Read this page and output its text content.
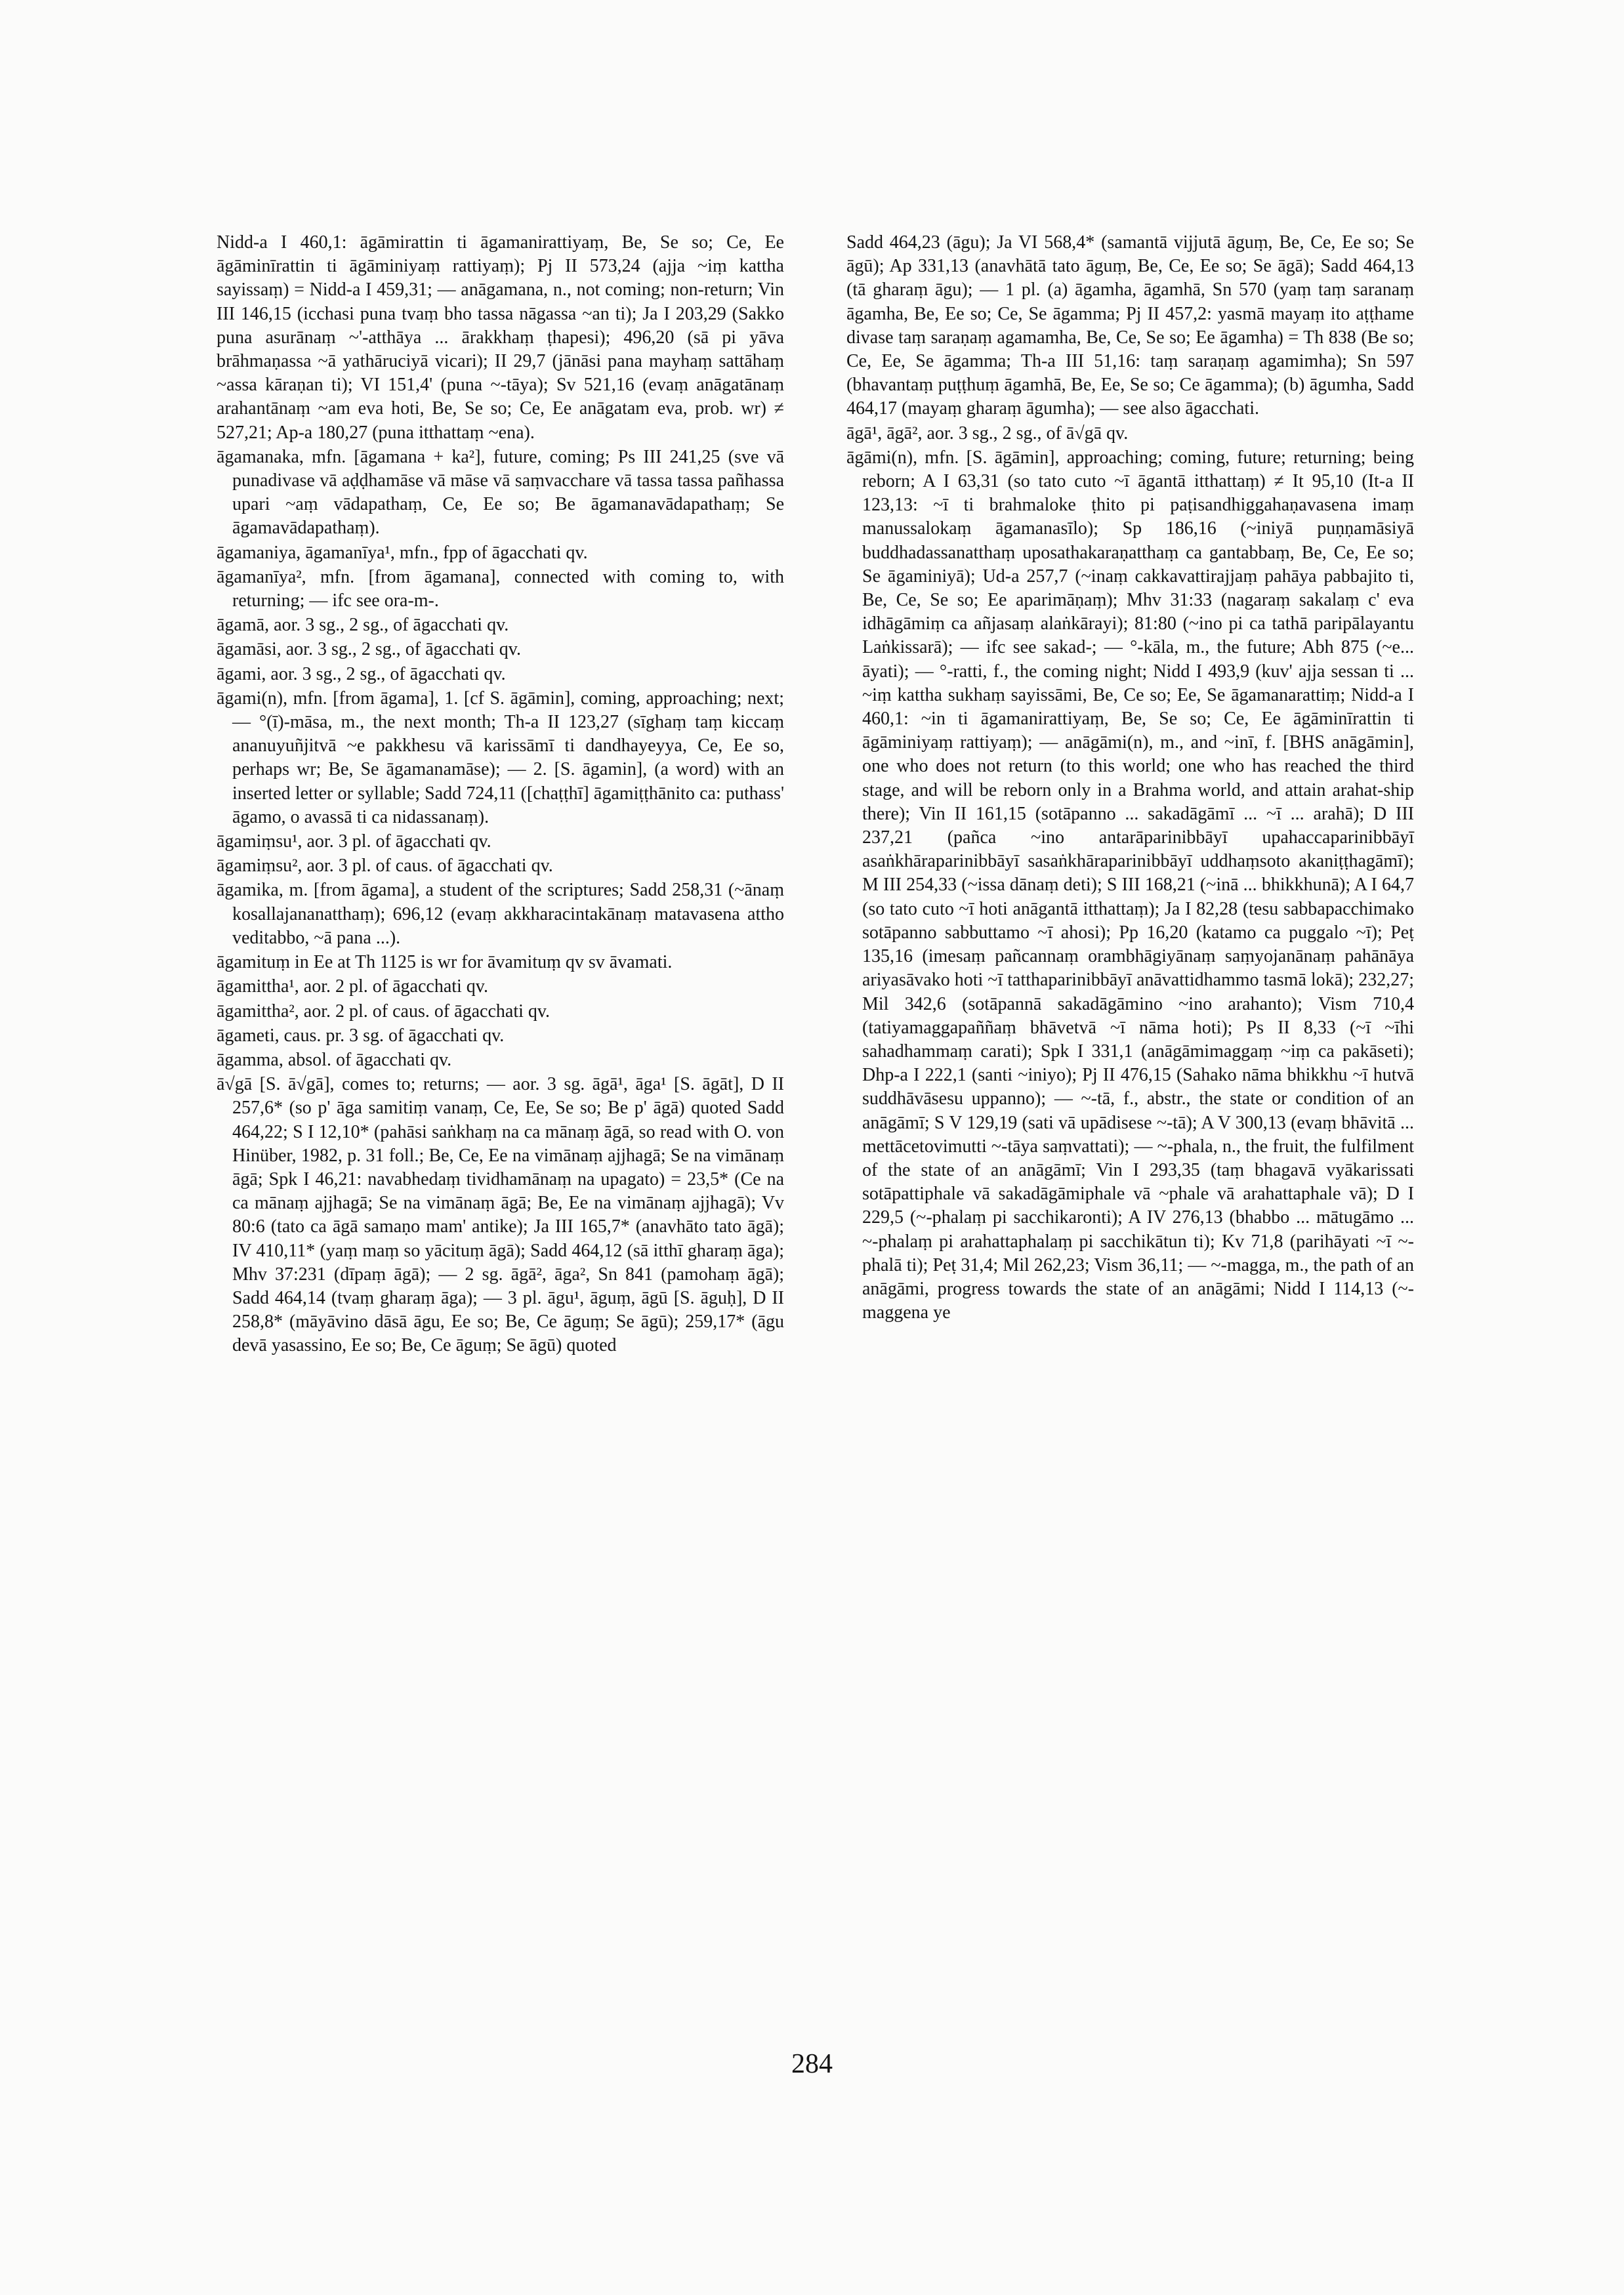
Nidd-a I 460,1: āgāmirattin ti āgamanirattiyaṃ, Be, Se so; Ce, Ee āgāminīrattin ti āgāminiyaṃ rattiyaṃ); Pj II 573,24 (ajja ~iṃ kattha sayissaṃ) = Nidd-a I 459,31; — anāgamana, n., not coming; non-return; Vin III 146,15 (icchasi puna tvaṃ bho tassa nāgassa ~an ti); Ja I 203,29 (Sakko puna asurānaṃ ~'-atthāya ... ārakkhaṃ ṭhapesi); 496,20 (sā pi yāva brāhmaṇassa ~ā yathāruciyā vicari); II 29,7 (jānāsi pana mayhaṃ sattāhaṃ ~assa kāraṇan ti); VI 151,4' (puna ~-tāya); Sv 521,16 (evaṃ anāgatānaṃ arahantānaṃ ~am eva hoti, Be, Se so; Ce, Ee anāgatam eva, prob. wr) ≠ 527,21; Ap-a 180,27 (puna itthattaṃ ~ena).

āgamanaka, mfn. [āgamana + ka²], future, coming; Ps III 241,25 (sve vā punadivase vā aḍḍhamāse vā māse vā saṃvacchare vā tassa tassa pañhassa upari ~aṃ vādapathaṃ, Ce, Ee so; Be āgamanavādapathaṃ; Se āgamavādapathaṃ).

āgamaniya, āgamanīya¹, mfn., fpp of āgacchati qv.

āgamanīya², mfn. [from āgamana], connected with coming to, with returning; — ifc see ora-m-.

āgamā, aor. 3 sg., 2 sg., of āgacchati qv.

āgamāsi, aor. 3 sg., 2 sg., of āgacchati qv.

āgami, aor. 3 sg., 2 sg., of āgacchati qv.

āgami(n), mfn. [from āgama], 1. [cf S. āgāmin], coming, approaching; next; — °(ī)-māsa, m., the next month; Th-a II 123,27 (sīghaṃ taṃ kiccaṃ ananuyuñjitvā ~e pakkhesu vā karissāmī ti dandhayeyya, Ce, Ee so, perhaps wr; Be, Se āgamanamāse); — 2. [S. āgamin], (a word) with an inserted letter or syllable; Sadd 724,11 ([chaṭṭhī] āgamiṭṭhānito ca: puthass' āgamo, o avassā ti ca nidassanaṃ).

āgamiṃsu¹, aor. 3 pl. of āgacchati qv.

āgamiṃsu², aor. 3 pl. of caus. of āgacchati qv.

āgamika, m. [from āgama], a student of the scriptures; Sadd 258,31 (~ānaṃ kosallajananatthaṃ); 696,12 (evaṃ akkharacintakānaṃ matavasena attho veditabbo, ~ā pana ...).

āgamituṃ in Ee at Th 1125 is wr for āvamituṃ qv sv āvamati.

āgamittha¹, aor. 2 pl. of āgacchati qv.

āgamittha², aor. 2 pl. of caus. of āgacchati qv.

āgameti, caus. pr. 3 sg. of āgacchati qv.

āgamma, absol. of āgacchati qv.

ā√gā [S. ā√gā], comes to; returns; — aor. 3 sg. āgā¹, āga¹ [S. āgāt], D II 257,6* (so p' āga samitiṃ vanaṃ, Ce, Ee, Se so; Be p' āgā) quoted Sadd 464,22; S I 12,10* (pahāsi saṅkhaṃ na ca mānaṃ āgā, so read with O. von Hinüber, 1982, p. 31 foll.; Be, Ce, Ee na vimānaṃ ajjhagā; Se na vimānaṃ āgā; Spk I 46,21: navabhedaṃ tividhamānaṃ na upagato) = 23,5* (Ce na ca mānaṃ ajjhagā; Se na vimānaṃ āgā; Be, Ee na vimānaṃ ajjhagā); Vv 80:6 (tato ca āgā samaṇo mam' antike); Ja III 165,7* (anavhāto tato āgā); IV 410,11* (yaṃ maṃ so yācituṃ āgā); Sadd 464,12 (sā itthī gharaṃ āga); Mhv 37:231 (dīpaṃ āgā); — 2 sg. āgā², āga², Sn 841 (pamohaṃ āgā); Sadd 464,14 (tvaṃ gharaṃ āga); — 3 pl. āgu¹, āguṃ, āgū [S. āguḥ], D II 258,8* (māyāvino dāsā āgu, Ee so; Be, Ce āguṃ; Se āgū); 259,17* (āgu devā yasassino, Ee so; Be, Ce āguṃ; Se āgū) quoted

Sadd 464,23 (āgu); Ja VI 568,4* (samantā vijjutā āguṃ, Be, Ce, Ee so; Se āgū); Ap 331,13 (anavhātā tato āguṃ, Be, Ce, Ee so; Se āgā); Sadd 464,13 (tā gharaṃ āgu); — 1 pl. (a) āgamha, āgamhā, Sn 570 (yaṃ taṃ saranaṃ āgamha, Be, Ee so; Ce, Se āgamma; Pj II 457,2: yasmā mayaṃ ito aṭṭhame divase taṃ saraṇaṃ agamamha, Be, Ce, Se so; Ee āgamha) = Th 838 (Be so; Ce, Ee, Se āgamma; Th-a III 51,16: taṃ saraṇaṃ agamimha); Sn 597 (bhavantaṃ puṭṭhuṃ āgamhā, Be, Ee, Se so; Ce āgamma); (b) āgumha, Sadd 464,17 (mayaṃ gharaṃ āgumha); — see also āgacchati.

āgā¹, āgā², aor. 3 sg., 2 sg., of ā√gā qv.

āgāmi(n), mfn. [S. āgāmin], approaching; coming, future; returning; being reborn; A I 63,31 (so tato cuto ~ī āgantā itthattaṃ) ≠ It 95,10 (It-a II 123,13: ~ī ti brahmaloke ṭhito pi paṭisandhiggahaṇavasena imaṃ manussalokaṃ āgamanasīlo); Sp 186,16 (~iniyā puṇṇamāsiyā buddhadassanatthaṃ uposathakaraṇatthaṃ ca gantabbaṃ, Be, Ce, Ee so; Se āgaminiyā); Ud-a 257,7 (~inaṃ cakkavattirajjaṃ pahāya pabbajito ti, Be, Ce, Se so; Ee aparimāṇaṃ); Mhv 31:33 (nagaraṃ sakalaṃ c' eva idhāgāmiṃ ca añjasaṃ alaṅkārayi); 81:80 (~ino pi ca tathā paripālayantu Laṅkissarā); — ifc see sakad-; — °-kāla, m., the future; Abh 875 (~e... āyati); — °-ratti, f., the coming night; Nidd I 493,9 (kuv' ajja sessan ti ... ~iṃ kattha sukhaṃ sayissāmi, Be, Ce so; Ee, Se āgamanarattiṃ; Nidd-a I 460,1: ~in ti āgamanirattiyaṃ, Be, Se so; Ce, Ee āgāminīrattin ti āgāminiyaṃ rattiyaṃ); — anāgāmi(n), m., and ~inī, f. [BHS anāgāmin], one who does not return (to this world; one who has reached the third stage, and will be reborn only in a Brahma world, and attain arahat-ship there); Vin II 161,15 (sotāpanno ... sakadāgāmī ... ~ī ... arahā); D III 237,21 (pañca ~ino antarāparinibbāyī upahaccaparinibbāyī asaṅkhāraparinibbāyī sasaṅkhāraparinibbāyī uddhaṃsoto akaniṭṭhagāmī); M III 254,33 (~issa dānaṃ deti); S III 168,21 (~inā ... bhikkhunā); A I 64,7 (so tato cuto ~ī hoti anāgantā itthattaṃ); Ja I 82,28 (tesu sabbapacchimako sotāpanno sabbuttamo ~ī ahosi); Pp 16,20 (katamo ca puggalo ~ī); Peṭ 135,16 (imesaṃ pañcannaṃ orambhāgiyānaṃ saṃyojanānaṃ pahānāya ariyasāvako hoti ~ī tatthaparinibbāyī anāvattidhammo tasmā lokā); 232,27; Mil 342,6 (sotāpannā sakadāgāmino ~ino arahanto); Vism 710,4 (tatiyamaggapaññaṃ bhāvetvā ~ī nāma hoti); Ps II 8,33 (~ī ~īhi sahadhammaṃ carati); Spk I 331,1 (anāgāmimaggaṃ ~iṃ ca pakāseti); Dhp-a I 222,1 (santi ~iniyo); Pj II 476,15 (Sahako nāma bhikkhu ~ī hutvā suddhāvāsesu uppanno); — ~-tā, f., abstr., the state or condition of an anāgāmī; S V 129,19 (sati vā upādisese ~-tā); A V 300,13 (evaṃ bhāvitā ... mettācetovimutti ~-tāya saṃvattati); — ~-phala, n., the fruit, the fulfilment of the state of an anāgāmī; Vin I 293,35 (taṃ bhagavā vyākarissati sotāpattiphale vā sakadāgāmiphale vā ~phale vā arahattaphale vā); D I 229,5 (~-phalaṃ pi sacchikaronti); A IV 276,13 (bhabbo ... mātugāmo ... ~-phalaṃ pi arahattaphalaṃ pi sacchikātun ti); Kv 71,8 (parihāyati ~ī ~-phalā ti); Peṭ 31,4; Mil 262,23; Vism 36,11; — ~-magga, m., the path of an anāgāmi, progress towards the state of an anāgāmi; Nidd I 114,13 (~-maggena ye

284
